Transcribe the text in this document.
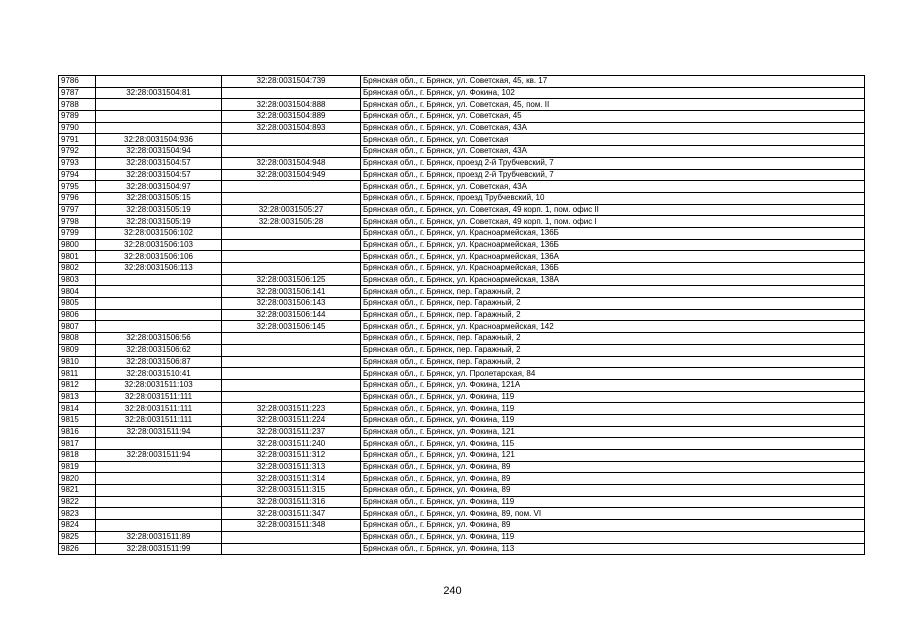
9786		32:28:0031504:739	Брянская обл., г. Брянск, ул. Советская, 45, кв. 17
9787	32:28:0031504:81		Брянская обл., г. Брянск, ул. Фокина, 102
9788		32:28:0031504:888	Брянская обл., г. Брянск, ул. Советская, 45, пом. II
9789		32:28:0031504:889	Брянская обл., г. Брянск, ул. Советская, 45
9790		32:28:0031504:893	Брянская обл., г. Брянск, ул. Советская, 43А
9791	32:28:0031504:936		Брянская обл., г. Брянск, ул. Советская
9792	32:28:0031504:94		Брянская обл., г. Брянск, ул. Советская, 43А
9793	32:28:0031504:57	32:28:0031504:948	Брянская обл., г. Брянск, проезд 2-й Трубчевский, 7
9794	32:28:0031504:57	32:28:0031504:949	Брянская обл., г. Брянск, проезд 2-й Трубчевский, 7
9795	32:28:0031504:97		Брянская обл., г. Брянск, ул. Советская, 43А
9796	32:28:0031505:15		Брянская обл., г. Брянск, проезд Трубчевский, 10
9797	32:28:0031505:19	32:28:0031505:27	Брянская обл., г. Брянск, ул. Советская, 49 корп. 1, пом. офис II
9798	32:28:0031505:19	32:28:0031505:28	Брянская обл., г. Брянск, ул. Советская, 49 корп. 1, пом. офис I
9799	32:28:0031506:102		Брянская обл., г. Брянск, ул. Красноармейская, 136Б
9800	32:28:0031506:103		Брянская обл., г. Брянск, ул. Красноармейская, 136Б
9801	32:28:0031506:106		Брянская обл., г. Брянск, ул. Красноармейская, 136А
9802	32:28:0031506:113		Брянская обл., г. Брянск, ул. Красноармейская, 136Б
9803		32:28:0031506:125	Брянская обл., г. Брянск, ул. Красноармейская, 138А
9804		32:28:0031506:141	Брянская обл., г. Брянск, пер. Гаражный, 2
9805		32:28:0031506:143	Брянская обл., г. Брянск, пер. Гаражный, 2
9806		32:28:0031506:144	Брянская обл., г. Брянск, пер. Гаражный, 2
9807		32:28:0031506:145	Брянская обл., г. Брянск, ул. Красноармейская, 142
9808	32:28:0031506:56		Брянская обл., г. Брянск, пер. Гаражный, 2
9809	32:28:0031506:62		Брянская обл., г. Брянск, пер. Гаражный, 2
9810	32:28:0031506:87		Брянская обл., г. Брянск, пер. Гаражный, 2
9811	32:28:0031510:41		Брянская обл., г. Брянск, ул. Пролетарская, 84
9812	32:28:0031511:103		Брянская обл., г. Брянск, ул. Фокина, 121А
9813	32:28:0031511:111		Брянская обл., г. Брянск, ул. Фокина, 119
9814	32:28:0031511:111	32:28:0031511:223	Брянская обл., г. Брянск, ул. Фокина, 119
9815	32:28:0031511:111	32:28:0031511:224	Брянская обл., г. Брянск, ул. Фокина, 119
9816	32:28:0031511:94	32:28:0031511:237	Брянская обл., г. Брянск, ул. Фокина, 121
9817		32:28:0031511:240	Брянская обл., г. Брянск, ул. Фокина, 115
9818	32:28:0031511:94	32:28:0031511:312	Брянская обл., г. Брянск, ул. Фокина, 121
9819		32:28:0031511:313	Брянская обл., г. Брянск, ул. Фокина, 89
9820		32:28:0031511:314	Брянская обл., г. Брянск, ул. Фокина, 89
9821		32:28:0031511:315	Брянская обл., г. Брянск, ул. Фокина, 89
9822		32:28:0031511:316	Брянская обл., г. Брянск, ул. Фокина, 119
9823		32:28:0031511:347	Брянская обл., г. Брянск, ул. Фокина, 89, пом. VI
9824		32:28:0031511:348	Брянская обл., г. Брянск, ул. Фокина, 89
9825	32:28:0031511:89		Брянская обл., г. Брянск, ул. Фокина, 119
9826	32:28:0031511:99		Брянская обл., г. Брянск, ул. Фокина, 113
240
